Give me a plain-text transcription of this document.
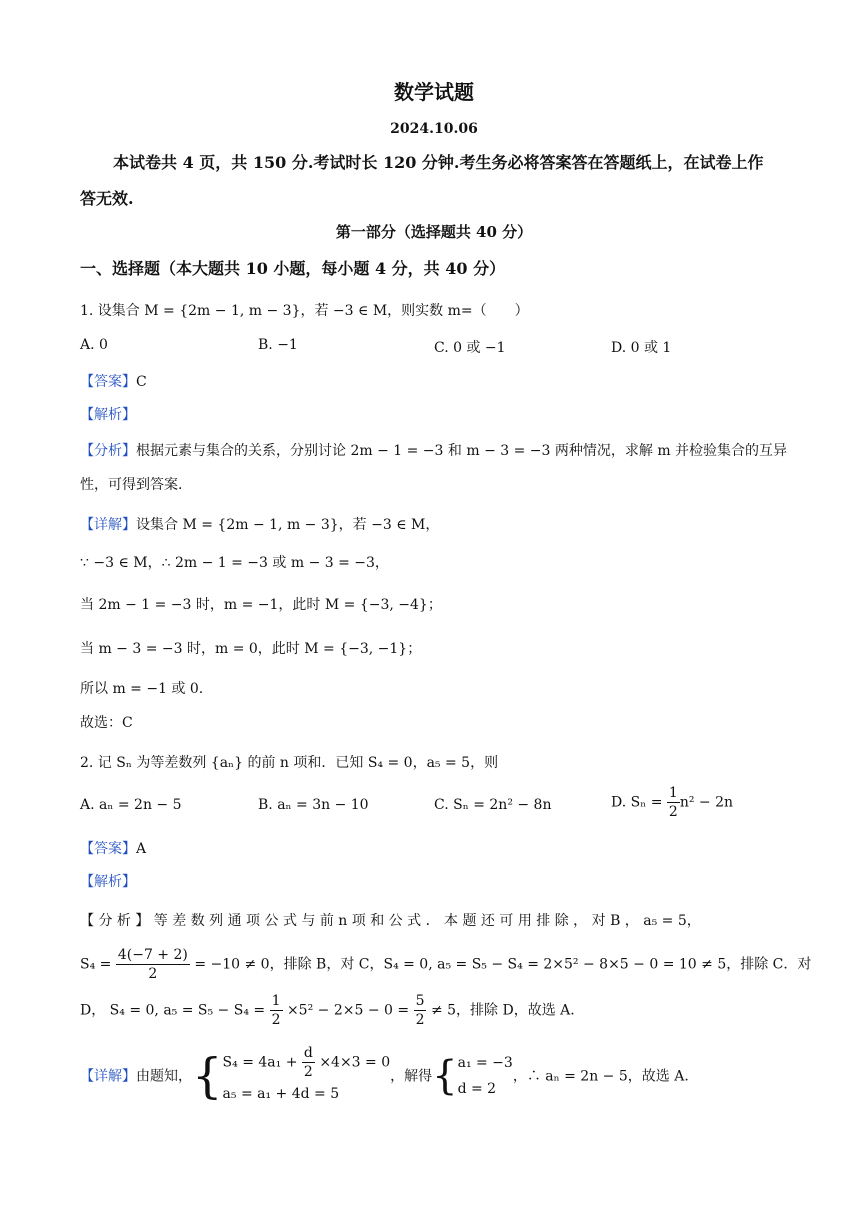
数学试题
2024.10.06
本试卷共 4 页，共 150 分.考试时长 120 分钟.考生务必将答案答在答题纸上，在试卷上作
答无效.
第一部分（选择题共 40 分）
一、选择题（本大题共 10 小题，每小题 4 分，共 40 分）
1. 设集合 M = {2m − 1, m − 3}，若 −3 ∈ M，则实数 m=（　　）
A. 0	B. −1	C. 0 或 −1	D. 0 或 1
【答案】C
【解析】
【分析】根据元素与集合的关系，分别讨论 2m − 1 = −3 和 m − 3 = −3 两种情况，求解 m 并检验集合的互异
性，可得到答案.
【详解】设集合 M = {2m − 1, m − 3}，若 −3 ∈ M，
∵ −3 ∈ M，∴ 2m − 1 = −3 或 m − 3 = −3，
当 2m − 1 = −3 时，m = −1，此时 M = {−3, −4}；
当 m − 3 = −3 时，m = 0，此时 M = {−3, −1}；
所以 m = −1 或 0.
故选：C
2. 记 Sₙ 为等差数列 {aₙ} 的前 n 项和．已知 S₄ = 0，a₅ = 5，则
A. aₙ = 2n − 5	B. aₙ = 3n − 10	C. Sₙ = 2n² − 8n	D. $S_n = \frac{1}{2} n^2 - 2n$
【答案】A
【解析】
【 分 析 】 等 差 数 列 通 项 公 式 与 前 n 项 和 公 式 ． 本 题 还 可 用 排 除 ， 对 B ， a₅ = 5，
$S_4 = \frac{4(-7 + 2)}{2} = -10 \ne 0$，排除 B，对 C，S₄ = 0, a₅ = S₅ − S₄ = 2×5² − 8×5 − 0 = 10 ≠ 5，排除 C．对
D， S₄ = 0, $a_5 = S_5 - S_4 = \frac{1}{2} \times 5^2 - 2\times 5 - 0 = \frac{5}{2} \ne 5$，排除 D，故选 A.
【详解】由题知，{ $S_4 = 4a_1 + \frac{d}{2} \times 4\times 3 = 0$
a₅ = a₁ + 4d = 5
，解得{ a₁ = −3
d = 2
，∴ aₙ = 2n − 5，故选 A.
